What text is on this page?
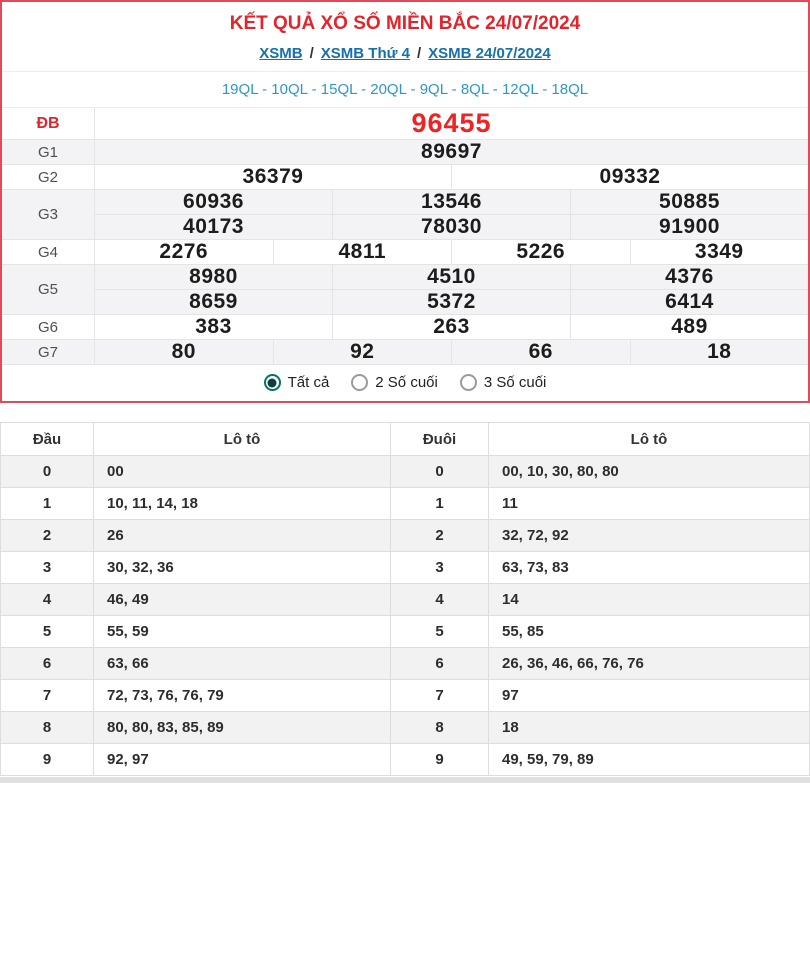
KẾT QUẢ XỔ SỐ MIỀN BẮC 24/07/2024
XSMB / XSMB Thứ 4 / XSMB 24/07/2024
19QL - 10QL - 15QL - 20QL - 9QL - 8QL - 12QL - 18QL
ĐB	96455
G1	89697
G2	36379	09332
G3
60936	13546	50885
40173	78030	91900
G4	2276	4811	5226	3349
G5
8980	4510	4376
8659	5372	6414
G6	383	263	489
G7	80	92	66	18
Tất cả	2 Số cuối	3 Số cuối
Đầu	Lô tô	Đuôi	Lô tô
0	00	0	00, 10, 30, 80, 80
1	10, 11, 14, 18	1	11
2	26	2	32, 72, 92
3	30, 32, 36	3	63, 73, 83
4	46, 49	4	14
5	55, 59	5	55, 85
6	63, 66	6	26, 36, 46, 66, 76, 76
7	72, 73, 76, 76, 79	7	97
8	80, 80, 83, 85, 89	8	18
9	92, 97	9	49, 59, 79, 89
